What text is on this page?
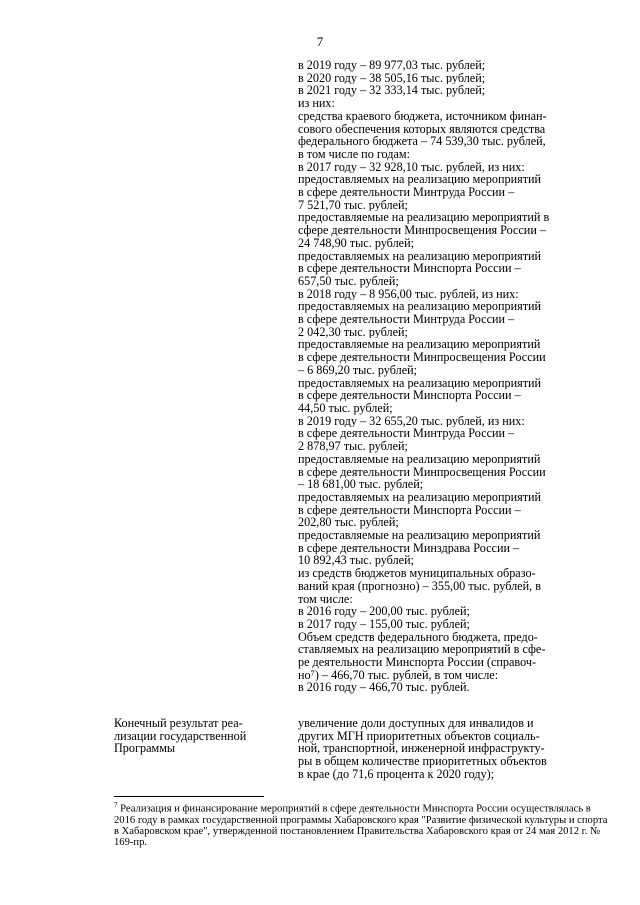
7
в 2019 году – 89 977,03 тыс. рублей;
в 2020 году – 38 505,16 тыс. рублей;
в 2021 году – 32 333,14 тыс. рублей;
из них:
средства краевого бюджета, источником финан-
сового обеспечения которых являются средства
федерального бюджета – 74 539,30 тыс. рублей,
в том числе по годам:
в 2017 году – 32 928,10 тыс. рублей, из них:
предоставляемых на реализацию мероприятий
в сфере деятельности Минтруда России –
7 521,70 тыс. рублей;
предоставляемые на реализацию мероприятий в
сфере деятельности Минпросвещения России –
24 748,90 тыс. рублей;
предоставляемых на реализацию мероприятий
в сфере деятельности Минспорта России –
657,50 тыс. рублей;
в 2018 году – 8 956,00 тыс. рублей, из них:
предоставляемых на реализацию мероприятий
в сфере деятельности Минтруда России –
2 042,30 тыс. рублей;
предоставляемые на реализацию мероприятий
в сфере деятельности Минпросвещения России
– 6 869,20 тыс. рублей;
предоставляемых на реализацию мероприятий
в сфере деятельности Минспорта России –
44,50 тыс. рублей;
в 2019 году – 32 655,20 тыс. рублей, из них:
в сфере деятельности Минтруда России –
2 878,97 тыс. рублей;
предоставляемые на реализацию мероприятий
в сфере деятельности Минпросвещения России
– 18 681,00 тыс. рублей;
предоставляемых на реализацию мероприятий
в сфере деятельности Минспорта России –
202,80 тыс. рублей;
предоставляемые на реализацию мероприятий
в сфере деятельности Минздрава России –
10 892,43 тыс. рублей;
из средств бюджетов муниципальных образо-
ваний края (прогнозно) – 355,00 тыс. рублей, в
том числе:
в 2016 году – 200,00 тыс. рублей;
в 2017 году – 155,00 тыс. рублей;
Объем средств федерального бюджета, предо-
ставляемых на реализацию мероприятий в сфе-
ре деятельности Минспорта России (справоч-
но⁷) – 466,70 тыс. рублей, в том числе:
в 2016 году – 466,70 тыс. рублей.
Конечный результат реа-
лизации государственной
Программы
увеличение доли доступных для инвалидов и
других МГН приоритетных объектов социаль-
ной, транспортной, инженерной инфраструкту-
ры в общем количестве приоритетных объектов
в крае (до 71,6 процента к 2020 году);
$^7$ Реализация и финансирование мероприятий в сфере деятельности Минспорта России осуществлялась в 2016 году в рамках государственной программы Хабаровского края "Развитие физической культуры и спорта в Хабаровском крае", утвержденной постановлением Правительства Хабаровского края от 24 мая 2012 г. № 169-пр.
